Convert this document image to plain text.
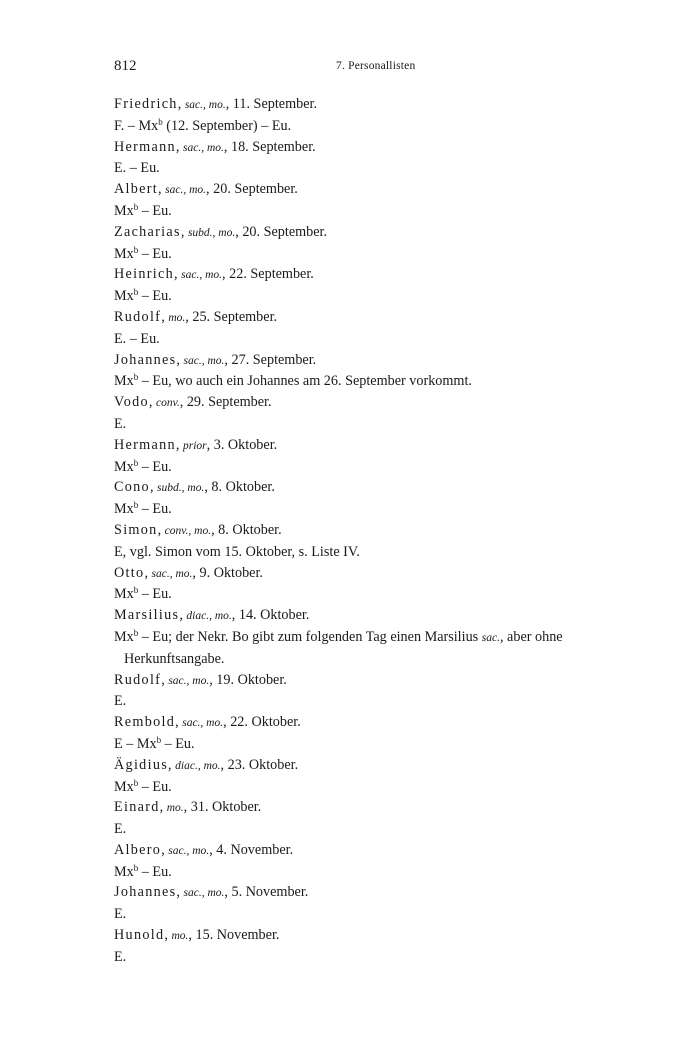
812	7. Personallisten
Friedrich, sac., mo., 11. September.
F. – Mx$^b$ (12. September) – Eu.
Hermann, sac., mo., 18. September.
E. – Eu.
Albert, sac., mo., 20. September.
Mx$^b$ – Eu.
Zacharias, subd., mo., 20. September.
Mx$^b$ – Eu.
Heinrich, sac., mo., 22. September.
Mx$^b$ – Eu.
Rudolf, mo., 25. September.
E. – Eu.
Johannes, sac., mo., 27. September.
Mx$^b$ – Eu, wo auch ein Johannes am 26. September vorkommt.
Vodo, conv., 29. September.
E.
Hermann, prior, 3. Oktober.
Mx$^b$ – Eu.
Cono, subd., mo., 8. Oktober.
Mx$^b$ – Eu.
Simon, conv., mo., 8. Oktober.
E, vgl. Simon vom 15. Oktober, s. Liste IV.
Otto, sac., mo., 9. Oktober.
Mx$^b$ – Eu.
Marsilius, diac., mo., 14. Oktober.
Mx$^b$ – Eu; der Nekr. Bo gibt zum folgenden Tag einen Marsilius sac., aber ohne
Herkunftsangabe.
Rudolf, sac., mo., 19. Oktober.
E.
Rembold, sac., mo., 22. Oktober.
E – Mx$^b$ – Eu.
Ägidius, diac., mo., 23. Oktober.
Mx$^b$ – Eu.
Einard, mo., 31. Oktober.
E.
Albero, sac., mo., 4. November.
Mx$^b$ – Eu.
Johannes, sac., mo., 5. November.
E.
Hunold, mo., 15. November.
E.
